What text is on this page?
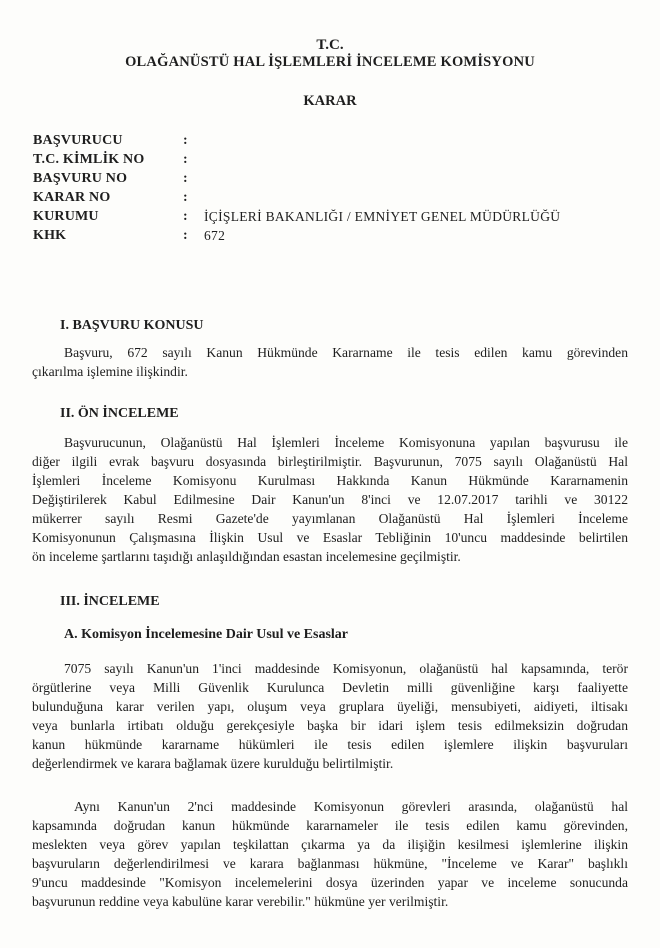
T.C.
OLAĞANÜSTÜ HAL İŞLEMLERİ İNCELEME KOMİSYONU
KARAR
BAŞVURUCU	:
T.C. KİMLİK NO	:
BAŞVURU NO	:
KARAR NO	:
KURUMU	: İÇİŞLERİ BAKANLIĞI / EMNİYET GENEL MÜDÜRLÜĞÜ
KHK	: 672
I. BAŞVURU KONUSU
Başvuru, 672 sayılı Kanun Hükmünde Kararname ile tesis edilen kamu görevinden
çıkarılma işlemine ilişkindir.
II. ÖN İNCELEME
Başvurucunun, Olağanüstü Hal İşlemleri İnceleme Komisyonuna yapılan başvurusu ile
diğer ilgili evrak başvuru dosyasında birleştirilmiştir. Başvurunun, 7075 sayılı Olağanüstü Hal
İşlemleri İnceleme Komisyonu Kurulması Hakkında Kanun Hükmünde Kararnamenin
Değiştirilerek Kabul Edilmesine Dair Kanun'un 8'inci ve 12.07.2017 tarihli ve 30122
mükerrer sayılı Resmi Gazete'de yayımlanan Olağanüstü Hal İşlemleri İnceleme
Komisyonunun Çalışmasına İlişkin Usul ve Esaslar Tebliğinin 10'uncu maddesinde belirtilen
ön inceleme şartlarını taşıdığı anlaşıldığından esastan incelemesine geçilmiştir.
III. İNCELEME
A. Komisyon İncelemesine Dair Usul ve Esaslar
7075 sayılı Kanun'un 1'inci maddesinde Komisyonun, olağanüstü hal kapsamında, terör
örgütlerine veya Milli Güvenlik Kurulunca Devletin milli güvenliğine karşı faaliyette
bulunduğuna karar verilen yapı, oluşum veya gruplara üyeliği, mensubiyeti, aidiyeti, iltisakı
veya bunlarla irtibatı olduğu gerekçesiyle başka bir idari işlem tesis edilmeksizin doğrudan
kanun hükmünde kararname hükümleri ile tesis edilen işlemlere ilişkin başvuruları
değerlendirmek ve karara bağlamak üzere kurulduğu belirtilmiştir.
Aynı Kanun'un 2'nci maddesinde Komisyonun görevleri arasında, olağanüstü hal
kapsamında doğrudan kanun hükmünde kararnameler ile tesis edilen kamu görevinden,
meslekten veya görev yapılan teşkilattan çıkarma ya da ilişiğin kesilmesi işlemlerine ilişkin
başvuruların değerlendirilmesi ve karara bağlanması hükmüne, "İnceleme ve Karar" başlıklı
9'uncu maddesinde "Komisyon incelemelerini dosya üzerinden yapar ve inceleme sonucunda
başvurunun reddine veya kabulüne karar verebilir." hükmüne yer verilmiştir.
